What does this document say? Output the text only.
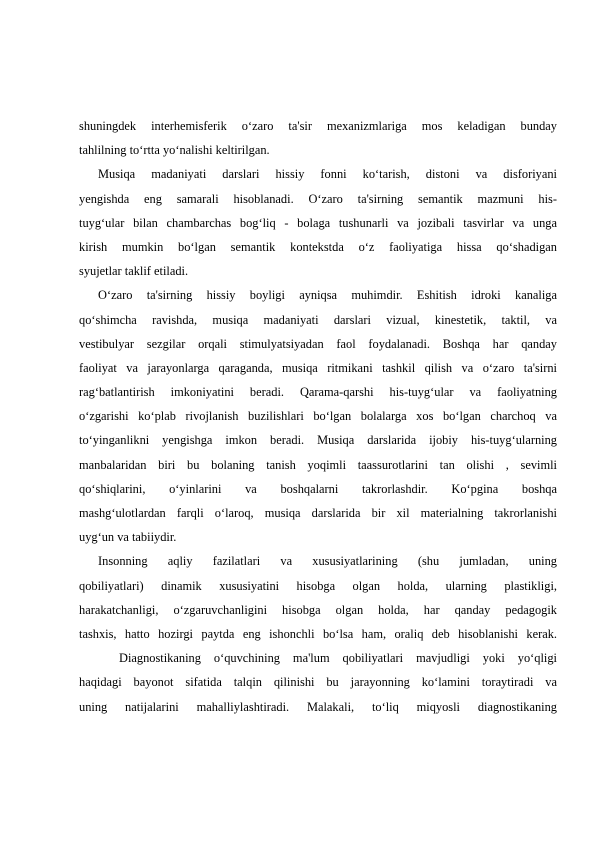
shuningdek interhemisferik o‘zaro ta'sir mexanizmlariga mos keladigan bunday
tahlilning to‘rtta yo‘nalishi keltirilgan.
Musiqa madaniyati darslari hissiy fonni ko‘tarish, distoni va disforiyani
yengishda eng samarali hisoblanadi. O‘zaro ta'sirning semantik mazmuni his-
tuyg‘ular bilan chambarchas bog‘liq - bolaga tushunarli va jozibali tasvirlar va unga
kirish mumkin bo‘lgan semantik kontekstda o‘z faoliyatiga hissa qo‘shadigan
syujetlar taklif etiladi.
O‘zaro ta'sirning hissiy boyligi ayniqsa muhimdir. Eshitish idroki kanaliga
qo‘shimcha ravishda, musiqa madaniyati darslari vizual, kinestetik, taktil, va
vestibulyar sezgilar orqali stimulyatsiyadan faol foydalanadi. Boshqa har qanday
faoliyat va jarayonlarga qaraganda, musiqa ritmikani tashkil qilish va o‘zaro ta'sirni
rag‘batlantirish imkoniyatini beradi. Qarama-qarshi his-tuyg‘ular va faoliyatning
o‘zgarishi ko‘plab rivojlanish buzilishlari bo‘lgan bolalarga xos bo‘lgan charchoq va
to‘yinganlikni yengishga imkon beradi. Musiqa darslarida ijobiy his-tuyg‘ularning
manbalaridan biri bu bolaning tanish yoqimli taassurotlarini tan olishi , sevimli
qo‘shiqlarini, o‘yinlarini va boshqalarni takrorlashdir. Ko‘pgina boshqa
mashg‘ulotlardan farqli o‘laroq, musiqa darslarida bir xil materialning takrorlanishi
uyg‘un va tabiiydir.
Insonning aqliy fazilatlari va xususiyatlarining (shu jumladan, uning
qobiliyatlari) dinamik xususiyatini hisobga olgan holda, ularning plastikligi,
harakatchanligi, o‘zgaruvchanligini hisobga olgan holda, har qanday pedagogik
tashxis, hatto hozirgi paytda eng ishonchli bo‘lsa ham, oraliq deb hisoblanishi kerak.
Diagnostikaning o‘quvchining ma'lum qobiliyatlari mavjudligi yoki yo‘qligi
haqidagi bayonot sifatida talqin qilinishi bu jarayonning ko‘lamini toraytiradi va
uning natijalarini mahalliylashtiradi. Malakali, to‘liq miqyosli diagnostikaning
